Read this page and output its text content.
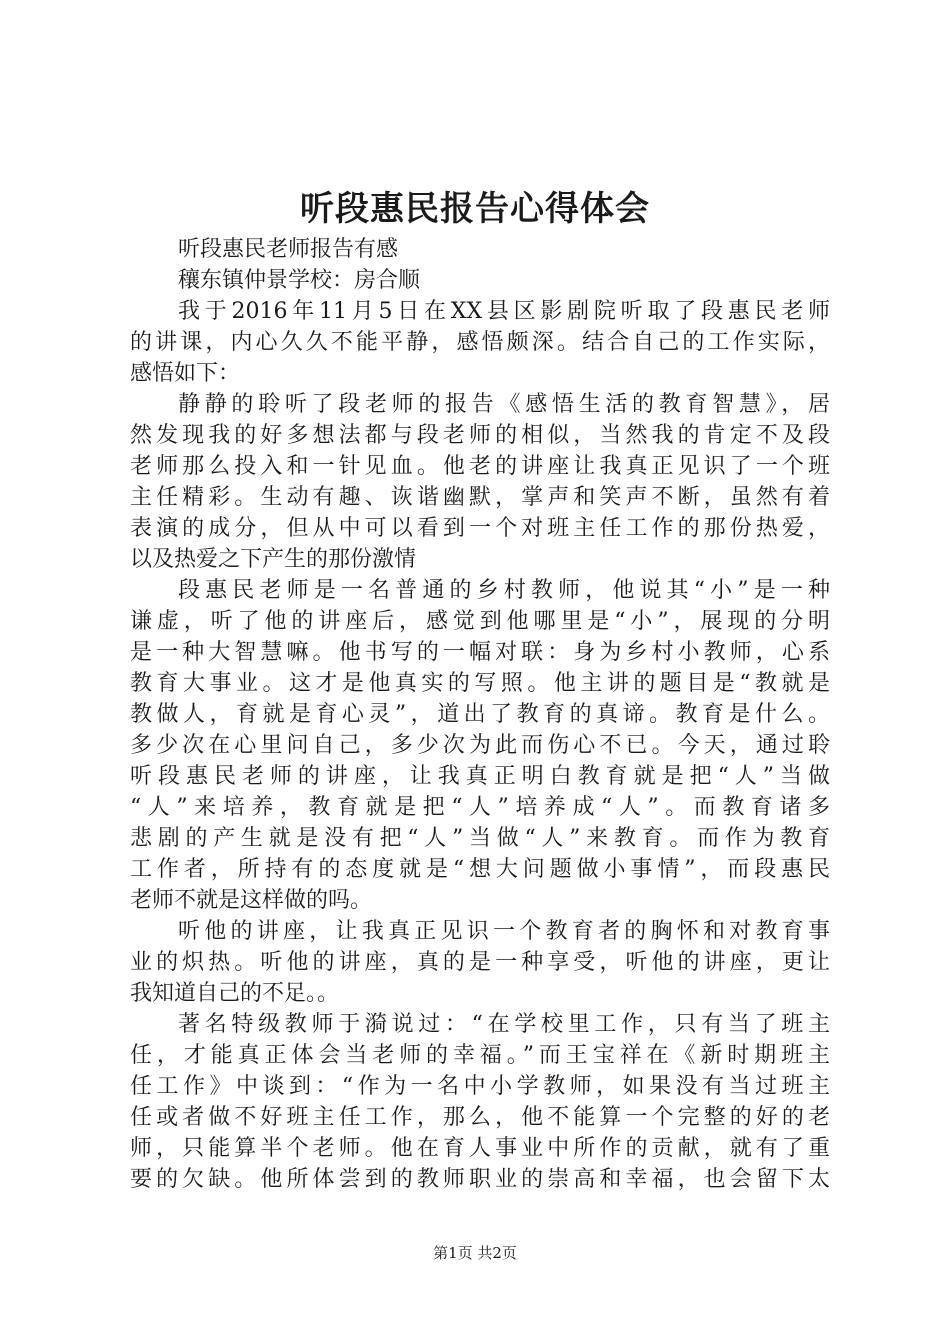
听段惠民报告心得体会

听段惠民老师报告有感

穰东镇仲景学校：房合顺

我于2016年11月5日在XX县区影剧院听取了段惠民老师

的讲课，内心久久不能平静，感悟颇深。结合自己的工作实际，

感悟如下：

静静的聆听了段老师的报告《感悟生活的教育智慧》，居

然发现我的好多想法都与段老师的相似，当然我的肯定不及段

老师那么投入和一针见血。他老的讲座让我真正见识了一个班

主任精彩。生动有趣、诙谐幽默，掌声和笑声不断，虽然有着

表演的成分，但从中可以看到一个对班主任工作的那份热爱，

以及热爱之下产生的那份激情

段惠民老师是一名普通的乡村教师，他说其“小”是一种

谦虚，听了他的讲座后，感觉到他哪里是“小”，展现的分明

是一种大智慧嘛。他书写的一幅对联：身为乡村小教师，心系

教育大事业。这才是他真实的写照。他主讲的题目是“教就是

教做人，育就是育心灵”，道出了教育的真谛。教育是什么。

多少次在心里问自己，多少次为此而伤心不已。今天，通过聆

听段惠民老师的讲座，让我真正明白教育就是把“人”当做

“人”来培养，教育就是把“人”培养成“人”。而教育诸多

悲剧的产生就是没有把“人”当做“人”来教育。而作为教育

工作者，所持有的态度就是“想大问题做小事情”，而段惠民

老师不就是这样做的吗。

听他的讲座，让我真正见识一个教育者的胸怀和对教育事

业的炽热。听他的讲座，真的是一种享受，听他的讲座，更让

我知道自己的不足。。

著名特级教师于漪说过：“在学校里工作，只有当了班主

任，才能真正体会当老师的幸福。”而王宝祥在《新时期班主

任工作》中谈到：“作为一名中小学教师，如果没有当过班主

任或者做不好班主任工作，那么，他不能算一个完整的好的老

师，只能算半个老师。他在育人事业中所作的贡献，就有了重

要的欠缺。他所体尝到的教师职业的崇高和幸福，也会留下太

第1页 共2页
